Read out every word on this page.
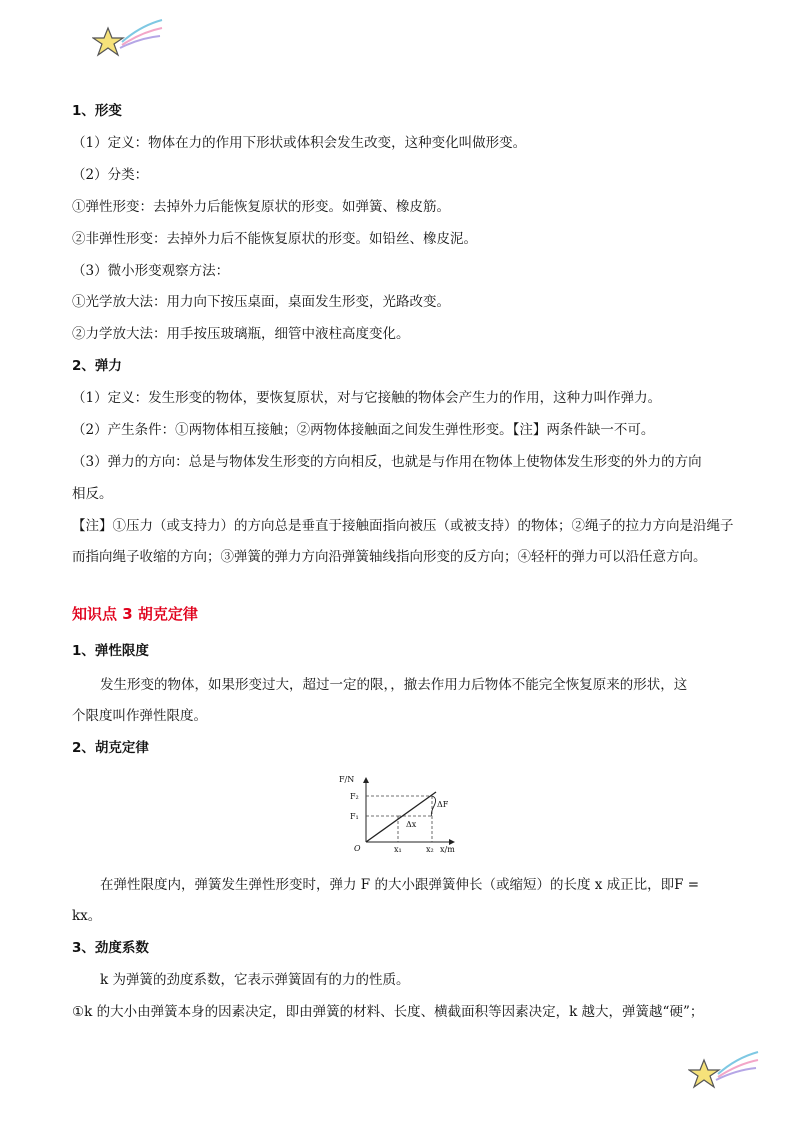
1、形变
（1）定义：物体在力的作用下形状或体积会发生改变，这种变化叫做形变。
（2）分类：
①弹性形变：去掉外力后能恢复原状的形变。如弹簧、橡皮筋。
②非弹性形变：去掉外力后不能恢复原状的形变。如铅丝、橡皮泥。
（3）微小形变观察方法：
①光学放大法：用力向下按压桌面，桌面发生形变，光路改变。
②力学放大法：用手按压玻璃瓶，细管中液柱高度变化。
2、弹力
（1）定义：发生形变的物体，要恢复原状，对与它接触的物体会产生力的作用，这种力叫作弹力。
（2）产生条件：①两物体相互接触；②两物体接触面之间发生弹性形变。【注】两条件缺一不可。
（3）弹力的方向：总是与物体发生形变的方向相反，也就是与作用在物体上使物体发生形变的外力的方向
相反。
【注】①压力（或支持力）的方向总是垂直于接触面指向被压（或被支持）的物体；②绳子的拉力方向是沿绳子
而指向绳子收缩的方向；③弹簧的弹力方向沿弹簧轴线指向形变的反方向；④轻杆的弹力可以沿任意方向。
知识点 3 胡克定律
1、弹性限度
发生形变的物体，如果形变过大，超过一定的限，，撤去作用力后物体不能完全恢复原来的形状，这
个限度叫作弹性限度。
2、胡克定律
F/N
F₂
F₁
O	x₁	x₂ x/m
ΔF
Δx
在弹性限度内，弹簧发生弹性形变时，弹力 F 的大小跟弹簧伸长（或缩短）的长度 x 成正比，即F =
kx。
3、劲度系数
k 为弹簧的劲度系数，它表示弹簧固有的力的性质。
①k 的大小由弹簧本身的因素决定，即由弹簧的材料、长度、横截面积等因素决定，k 越大，弹簧越“硬”；
